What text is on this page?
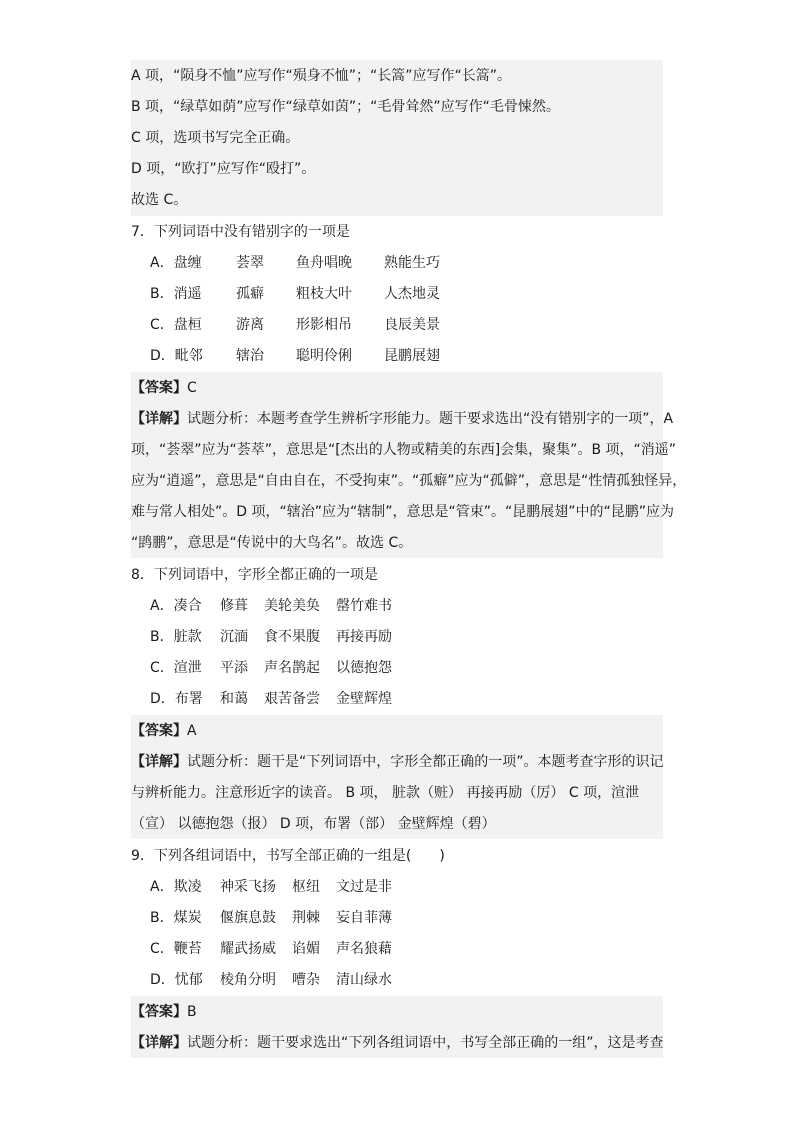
A 项，“陨身不恤”应写作“殒身不恤”；“长篙”应写作“长篙”。
B 项，“绿草如荫”应写作“绿草如茵”；“毛骨耸然”应写作“毛骨悚然。
C 项，选项书写完全正确。
D 项，“欧打”应写作“殴打”。
故选 C。
7．下列词语中没有错别字的一项是
A．盘缠 荟翠 鱼舟唱晚 熟能生巧
B．消遥 孤癖 粗枝大叶 人杰地灵
C．盘桓 游离 形影相吊 良辰美景
D．毗邻 辖治 聪明伶俐 昆鹏展翅
【答案】C
【详解】试题分析：本题考查学生辨析字形能力。题干要求选出“没有错别字的一项”，A
项，“荟翠”应为“荟萃”，意思是“[杰出的人物或精美的东西]会集，聚集”。B 项，“消遥”
应为“逍遥”，意思是“自由自在，不受拘束”。“孤癖”应为“孤僻”，意思是“性情孤独怪异，
难与常人相处”。D 项，“辖治”应为“辖制”，意思是“管束”。“昆鹏展翅”中的“昆鹏”应为
“鹍鹏”，意思是“传说中的大鸟名”。故选 C。
8．下列词语中，字形全都正确的一项是
A．凑合 修葺 美轮美奂 罄竹难书
B．脏款 沉湎 食不果腹 再接再励
C．渲泄 平添 声名鹊起 以德抱怨
D．布署 和蔼 艰苦备尝 金壁辉煌
【答案】A
【详解】试题分析：题干是“下列词语中，字形全都正确的一项”。本题考查字形的识记
与辨析能力。注意形近字的读音。 B 项， 脏款（赃） 再接再励（厉） C 项，渲泄
（宣） 以德抱怨（报） D 项，布署（部） 金壁辉煌（碧）
9．下列各组词语中，书写全部正确的一组是(　　)
A．欺凌 神采飞扬 枢纽 文过是非
B．煤炭 偃旗息鼓 荆棘 妄自菲薄
C．鞭苔 耀武扬威 谄媚 声名狼藉
D．忧郁 棱角分明 嘈杂 清山绿水
【答案】B
【详解】试题分析：题干要求选出“下列各组词语中，书写全部正确的一组”，这是考查
